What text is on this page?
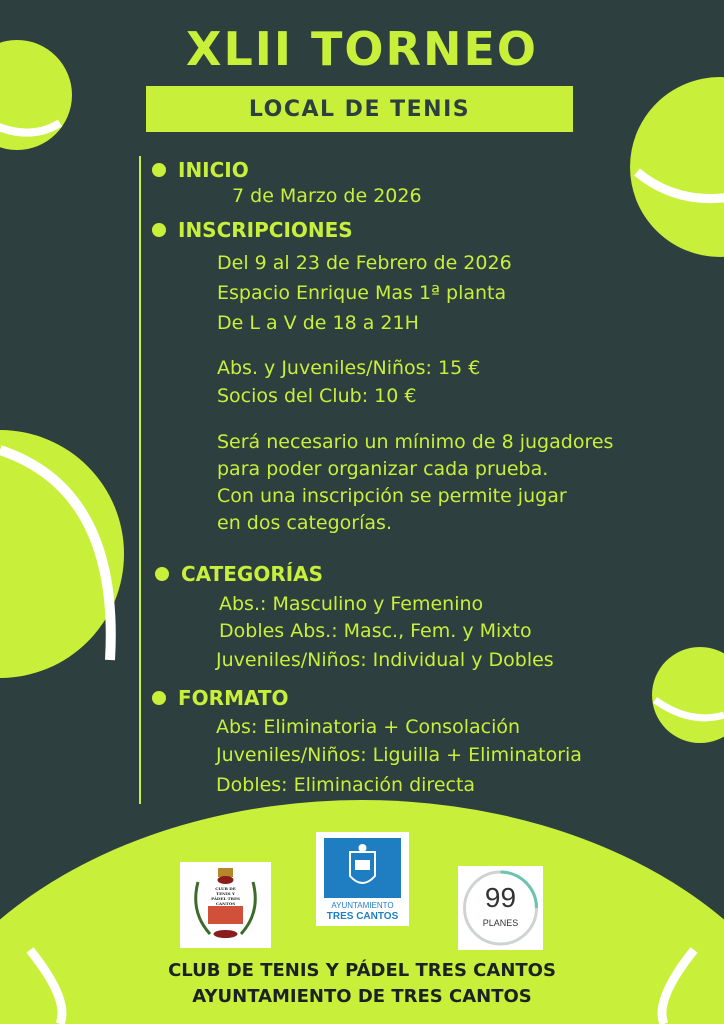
XLII TORNEO
LOCAL DE TENIS
INICIO
7 de Marzo de 2026
INSCRIPCIONES
Del 9 al 23 de Febrero de 2026
Espacio Enrique Mas 1ª planta
De L a V de 18 a 21H
Abs. y Juveniles/Niños: 15 €
Socios del Club: 10 €
Será necesario un mínimo de 8 jugadores
para poder organizar cada prueba.
Con una inscripción se permite jugar
en dos categorías.
CATEGORÍAS
Abs.: Masculino y Femenino
Dobles Abs.: Masc., Fem. y Mixto
Juveniles/Niños: Individual y Dobles
FORMATO
Abs: Eliminatoria + Consolación
Juveniles/Niños: Liguilla + Eliminatoria
Dobles: Eliminación directa
CLUB DE TENIS Y PÁDEL TRES CANTOS	AYUNTAMIENTO
TRES CANTOS
99
PLANES
CLUB DE TENIS Y PÁDEL TRES CANTOS
AYUNTAMIENTO DE TRES CANTOS
